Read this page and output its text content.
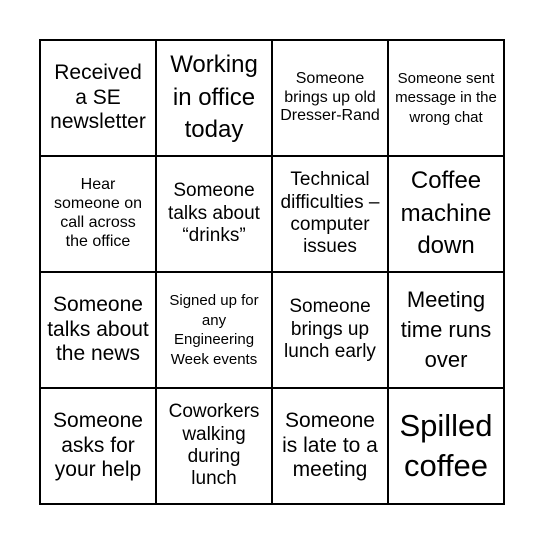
Received a SE newsletter
Working in office today
Someone brings up old Dresser-Rand
Someone sent message in the wrong chat
Hear someone on call across the office
Someone talks about “drinks”
Technical difficulties – computer issues
Coffee machine down
Someone talks about the news
Signed up for any Engineering Week events
Someone brings up lunch early
Meeting time runs over
Someone asks for your help
Coworkers walking during lunch
Someone is late to a meeting
Spilled coffee
